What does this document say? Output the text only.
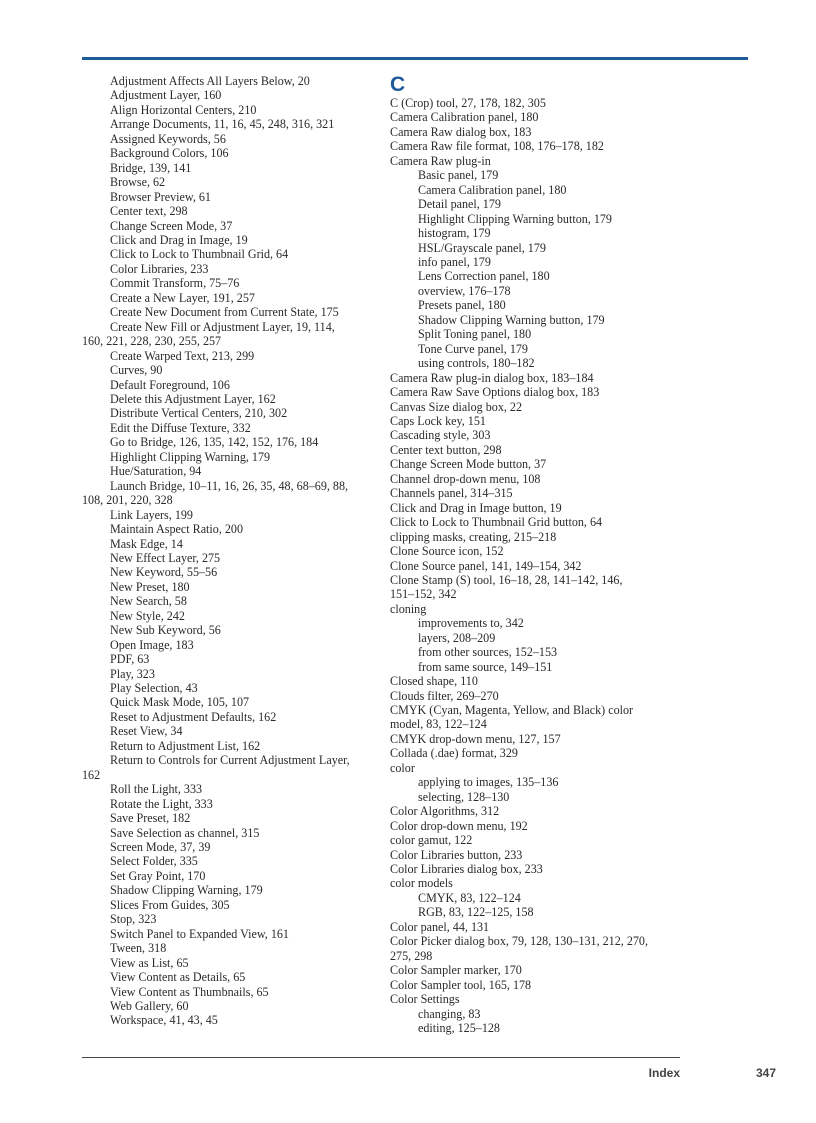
Adjustment Affects All Layers Below, 20
Adjustment Layer, 160
Align Horizontal Centers, 210
Arrange Documents, 11, 16, 45, 248, 316, 321
Assigned Keywords, 56
Background Colors, 106
Bridge, 139, 141
Browse, 62
Browser Preview, 61
Center text, 298
Change Screen Mode, 37
Click and Drag in Image, 19
Click to Lock to Thumbnail Grid, 64
Color Libraries, 233
Commit Transform, 75–76
Create a New Layer, 191, 257
Create New Document from Current State, 175
Create New Fill or Adjustment Layer, 19, 114,
160, 221, 228, 230, 255, 257
Create Warped Text, 213, 299
Curves, 90
Default Foreground, 106
Delete this Adjustment Layer, 162
Distribute Vertical Centers, 210, 302
Edit the Diffuse Texture, 332
Go to Bridge, 126, 135, 142, 152, 176, 184
Highlight Clipping Warning, 179
Hue/Saturation, 94
Launch Bridge, 10–11, 16, 26, 35, 48, 68–69, 88,
108, 201, 220, 328
Link Layers, 199
Maintain Aspect Ratio, 200
Mask Edge, 14
New Effect Layer, 275
New Keyword, 55–56
New Preset, 180
New Search, 58
New Style, 242
New Sub Keyword, 56
Open Image, 183
PDF, 63
Play, 323
Play Selection, 43
Quick Mask Mode, 105, 107
Reset to Adjustment Defaults, 162
Reset View, 34
Return to Adjustment List, 162
Return to Controls for Current Adjustment Layer,
162
Roll the Light, 333
Rotate the Light, 333
Save Preset, 182
Save Selection as channel, 315
Screen Mode, 37, 39
Select Folder, 335
Set Gray Point, 170
Shadow Clipping Warning, 179
Slices From Guides, 305
Stop, 323
Switch Panel to Expanded View, 161
Tween, 318
View as List, 65
View Content as Details, 65
View Content as Thumbnails, 65
Web Gallery, 60
Workspace, 41, 43, 45
C
C (Crop) tool, 27, 178, 182, 305
Camera Calibration panel, 180
Camera Raw dialog box, 183
Camera Raw file format, 108, 176–178, 182
Camera Raw plug-in
Basic panel, 179
Camera Calibration panel, 180
Detail panel, 179
Highlight Clipping Warning button, 179
histogram, 179
HSL/Grayscale panel, 179
info panel, 179
Lens Correction panel, 180
overview, 176–178
Presets panel, 180
Shadow Clipping Warning button, 179
Split Toning panel, 180
Tone Curve panel, 179
using controls, 180–182
Camera Raw plug-in dialog box, 183–184
Camera Raw Save Options dialog box, 183
Canvas Size dialog box, 22
Caps Lock key, 151
Cascading style, 303
Center text button, 298
Change Screen Mode button, 37
Channel drop-down menu, 108
Channels panel, 314–315
Click and Drag in Image button, 19
Click to Lock to Thumbnail Grid button, 64
clipping masks, creating, 215–218
Clone Source icon, 152
Clone Source panel, 141, 149–154, 342
Clone Stamp (S) tool, 16–18, 28, 141–142, 146,
151–152, 342
cloning
improvements to, 342
layers, 208–209
from other sources, 152–153
from same source, 149–151
Closed shape, 110
Clouds filter, 269–270
CMYK (Cyan, Magenta, Yellow, and Black) color
model, 83, 122–124
CMYK drop-down menu, 127, 157
Collada (.dae) format, 329
color
applying to images, 135–136
selecting, 128–130
Color Algorithms, 312
Color drop-down menu, 192
color gamut, 122
Color Libraries button, 233
Color Libraries dialog box, 233
color models
CMYK, 83, 122–124
RGB, 83, 122–125, 158
Color panel, 44, 131
Color Picker dialog box, 79, 128, 130–131, 212, 270,
275, 298
Color Sampler marker, 170
Color Sampler tool, 165, 178
Color Settings
changing, 83
editing, 125–128
Index	347
